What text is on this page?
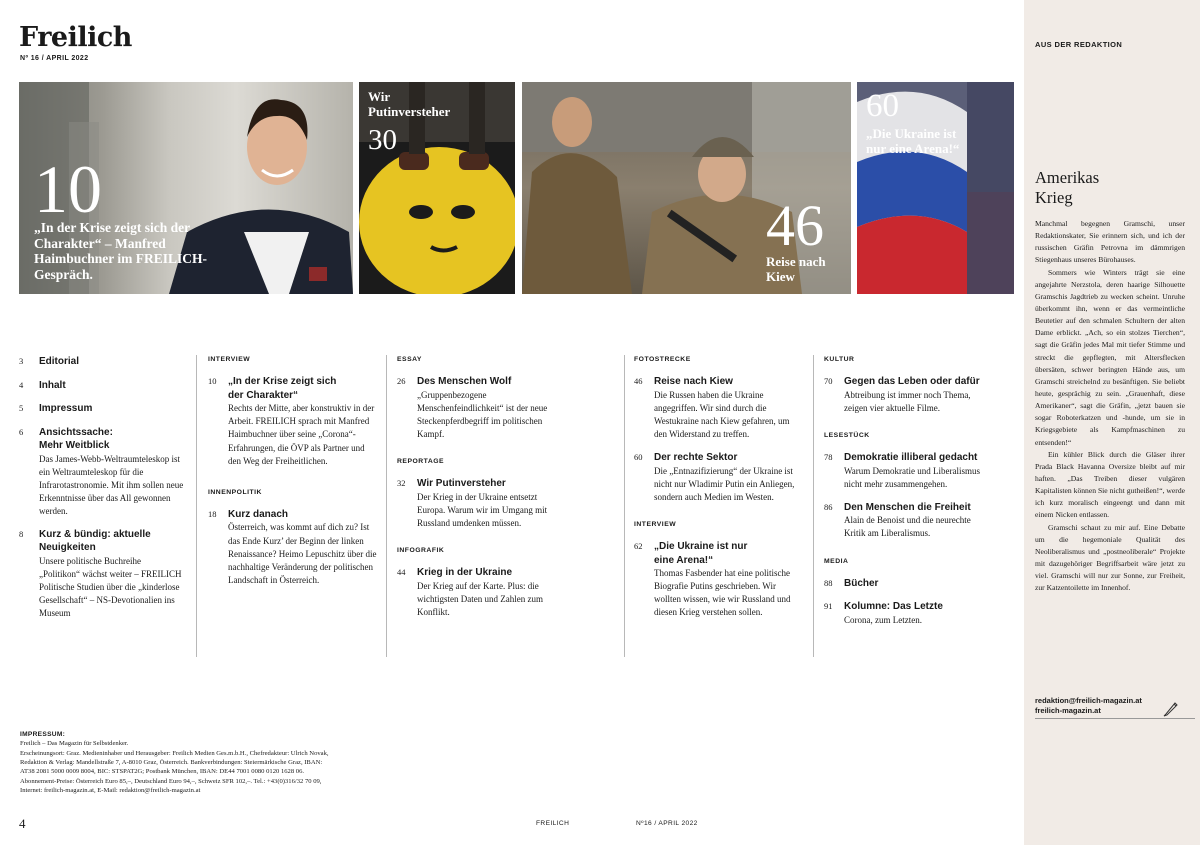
Freilich
Nº 16 / APRIL 2022
10
„In der Krise zeigt sich der Charakter“ – Manfred Haimbuchner im FREILICH-Gespräch.
Wir Putinversteher
30
46
Reise nach Kiew
60
„Die Ukraine ist nur eine Arena!“
3 Editorial
4 Inhalt
5 Impressum
6 Ansichtssache: Mehr Weitblick
Das James-Webb-Weltraumteleskop ist ein Weltraumteleskop für die Infrarotastronomie. Mit ihm sollen neue Erkenntnisse über das All gewonnen werden.
8 Kurz & bündig: aktuelle Neuigkeiten
Unsere politische Buchreihe „Politikon“ wächst weiter – FREILICH Politische Studien über die „kinderlose Gesellschaft“ – NS-Devotionalien ins Museum
INTERVIEW
10 „In der Krise zeigt sich der Charakter“
Rechts der Mitte, aber konstruktiv in der Arbeit. FREILICH sprach mit Manfred Haimbuchner über seine „Corona“-Erfahrungen, die ÖVP als Partner und den Weg der Freiheitlichen.
INNENPOLITIK
18 Kurz danach
Österreich, was kommt auf dich zu? Ist das Ende Kurz’ der Beginn der linken Renaissance? Heimo Lepuschitz über die nachhaltige Veränderung der politischen Landschaft in Österreich.
ESSAY
26 Des Menschen Wolf
„Gruppenbezogene Menschenfeindlichkeit“ ist der neue Steckenpferdbegriff im politischen Kampf.
REPORTAGE
32 Wir Putinversteher
Der Krieg in der Ukraine entsetzt Europa. Warum wir im Umgang mit Russland umdenken müssen.
INFOGRAFIK
44 Krieg in der Ukraine
Der Krieg auf der Karte. Plus: die wichtigsten Daten und Zahlen zum Konflikt.
FOTOSTRECKE
46 Reise nach Kiew
Die Russen haben die Ukraine angegriffen. Wir sind durch die Westukraine nach Kiew gefahren, um den Widerstand zu treffen.
60 Der rechte Sektor
Die „Entnazifizierung“ der Ukraine ist nicht nur Wladimir Putin ein Anliegen, sondern auch Medien im Westen.
INTERVIEW
62 „Die Ukraine ist nur eine Arena!“
Thomas Fasbender hat eine politische Biografie Putins geschrieben. Wir wollten wissen, wie wir Russland und diesen Krieg verstehen sollen.
KULTUR
70 Gegen das Leben oder dafür
Abtreibung ist immer noch Thema, zeigen vier aktuelle Filme.
LESESTÜCK
78 Demokratie illiberal gedacht
Warum Demokratie und Liberalismus nicht mehr zusammengehen.
86 Den Menschen die Freiheit
Alain de Benoist und die neurechte Kritik am Liberalismus.
MEDIA
88 Bücher
91 Kolumne: Das Letzte
Corona, zum Letzten.
IMPRESSUM:
Freilich – Das Magazin für Selbstdenker.
Erscheinungsort: Graz. Medieninhaber und Herausgeber: Freilich Medien Ges.m.b.H., Chefredakteur: Ulrich Novak,
Redaktion & Verlag: Mandellstraße 7, A-8010 Graz, Österreich. Bankverbindungen: Steiermärkische Graz, IBAN:
AT38 2081 5000 0009 8004, BIC: STSPAT2G; Postbank München, IBAN: DE44 7001 0080 0120 1628 06.
Abonnement-Preise: Österreich Euro 85,–, Deutschland Euro 94,–, Schweiz SFR 102,–. Tel.: +43(0)316/32 70 09,
Internet: freilich-magazin.at, E-Mail: redaktion@freilich-magazin.at
4	FREILICH	Nº16 / APRIL 2022
AUS DER REDAKTION
Amerikas Krieg

Manchmal begegnen Gramschi, unser Redaktionskater, Sie erinnern sich, und ich der russischen Gräfin Petrovna im dämmrigen Stiegenhaus unseres Bürohauses.

Sommers wie Winters trägt sie eine angejahrte Nerzstola, deren haarige Silhouette Gramschis Jagdtrieb zu wecken scheint. Unruhe überkommt ihn, wenn er das vermeintliche Beutetier auf den schmalen Schultern der alten Dame erblickt. „Ach, so ein stolzes Tierchen“, sagt die Gräfin jedes Mal mit tiefer Stimme und streckt die gepflegten, mit Altersflecken übersäten, schwer beringten Hände aus, um Gramschi streichelnd zu besänftigen. Sie beliebt heute, gesprächig zu sein. „Grauenhaft, diese Amerikaner“, sagt die Gräfin, „jetzt bauen sie sogar Roboterkatzen und -hunde, um sie in Kriegsgebiete als Kampfmaschinen zu entsenden!“

Ein kühler Blick durch die Gläser ihrer Prada Black Havanna Oversize bleibt auf mir haften. „Das Treiben dieser vulgären Kapitalisten können Sie nicht gutheißen!“, werde ich kurz moralisch eingeengt und dann mit einem Nicken entlassen.

Gramschi schaut zu mir auf. Eine Debatte um die hegemoniale Qualität des Neoliberalismus und „postneoliberale“ Projekte mit dazugehöriger Begriffsarbeit wäre jetzt zu viel. Gramschi will nur zur Sonne, zur Freiheit, zur Katzentoilette im Innenhof.

redaktion@freilich-magazin.at
freilich-magazin.at
